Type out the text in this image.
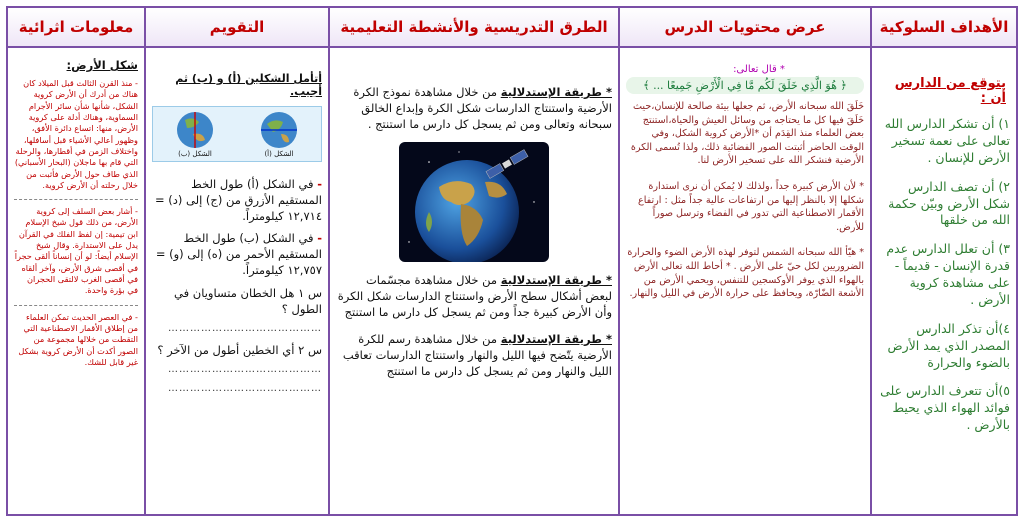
الأهداف السلوكية
عرض محتويات الدرس
الطرق التدريسية والأنشطة التعليمية
التقويم
معلومات اثرائية
يتوقع من الدارس أن :
١) أن تشكر الدارس الله تعالى على نعمة تسخير الأرض للإنسان .
٢) أن تصف الدارس شكل الأرض وبيّن حكمة الله من خلقها
٣) أن تعلل الدارس عدم قدرة الإنسان - قديماً - على مشاهدة كروية الأرض .
٤)أن تذكر الدارس المصدر الذي يمد الأرض بالضوء والحرارة
٥)أن تتعرف الدارس على فوائد الهواء الذي يحيط بالأرض .
* قال تعالى:
﴿ هُوَ الَّذِي خَلَقَ لَكُم مَّا فِي الْأَرْضِ جَمِيعًا ... ﴾
خَلَقَ الله سبحانه الأرض، ثم جعلها بيئة صالحة للإنسان،حيث خَلَقَ فيها كل ما يحتاجه من وسائل العيش والحياة،استنتج بعض العلماء منذ القِدَم أن *الأرض كروية الشكل، وفي الوقت الحاضر أثبتت الصور الفضائية ذلك، ولذا تُسمى الكرة الأرضية فنشكر الله على تسخير الأرض لنا.
* لأن الأرض كبيرة جداً ،ولذلك لا يُمكن أن نرى استدارة شكلها إلا بالنظر إليها من ارتفاعات عالية جداً مثل : ارتفاع الأقمار الاصطناعية التي تدور في الفضاء وترسل صوراً للأرض.
* هيّأ الله سبحانه الشمس لتوفر لهذه الأرض الضوء والحرارة الضروريين لكل حيّ على الأرض . * أحاط الله تعالى الأرض بالهواء الذي يوفر الأوكسجين للتنفس، ويحمي الأرض من الأشعة الضّارّة، ويحافظ على حرارة الأرض في الليل والنهار.
* طريقة الإستدلالية من خلال مشاهدة نموذج الكرة الأرضية واستنتاج الدارسات شكل الكرة وإبداع الخالق سبحانه وتعالى ومن ثم يسجل كل دارس ما استنتج .
* طريقة الإستدلالية من خلال مشاهدة مجسّمات لبعض أشكال سطح الأرض واستنتاج الدارسات شكل الكرة وأن الأرض كبيرة جداً ومن ثم يسجل كل دارس ما استنتج
* طريقة الإستدلالية من خلال مشاهدة رسم للكرة الأرضية يتّضح فيها الليل والنهار واستنتاج الدارسات تعاقب الليل والنهار ومن ثم يسجل كل دارس ما استنتج
أتأمل الشكلين (أ) و (ب) ثم أجيب.
الشكل (أ)
الشكل (ب)
- في الشكل (أ) طول الخط المستقيم الأزرق من (ج) إلى (د) = ١٢,٧١٤ كيلومتراً.
- في الشكل (ب) طول الخط المستقيم الأحمر من (ه) إلى (و) = ١٢,٧٥٧ كيلومتراً.
س ١ هل الخطان متساويان في الطول ؟
……………………………………
س ٢ أي الخطين أطول من الآخر ؟
……………………………………
……………………………………
شكل الأرض:
- منذ القرن الثالث قبل الميلاد كان هناك من أدرك أن الأرض كروية الشكل، شأنها شأن سائر الأجرام السماوية، وهناك أدلة على كروية الأرض، منها: اتساع دائرة الأفق، وظهور أعالي الأشياء قبل أسافلها، واختلاف الزمن في أقطارها، والرحلة التي قام بها ماجلان (البحار الأسباني) الذي طاف حول الأرض فأثبت من خلال رحلته أن الأرض كروية.
- أشار بعض السلف إلى كروية الأرض، من ذلك قول شيخ الإسلام ابن تيمية: إن لفظ الفلك في القرآن يدل على الاستدارة. وقال شيخ الإسلام أيضاً: لو أن إنساناً ألقى حجراً في أقصى شرق الأرض، وآخر ألقاه في أقصى الغرب لالتقى الحجران في بؤرة واحدة.
- في العصر الحديث تمكن العلماء من إطلاق الأقمار الاصطناعية التي التقطت من خلالها مجموعة من الصور أكدت أن الأرض كروية بشكل غير قابل للشك.
